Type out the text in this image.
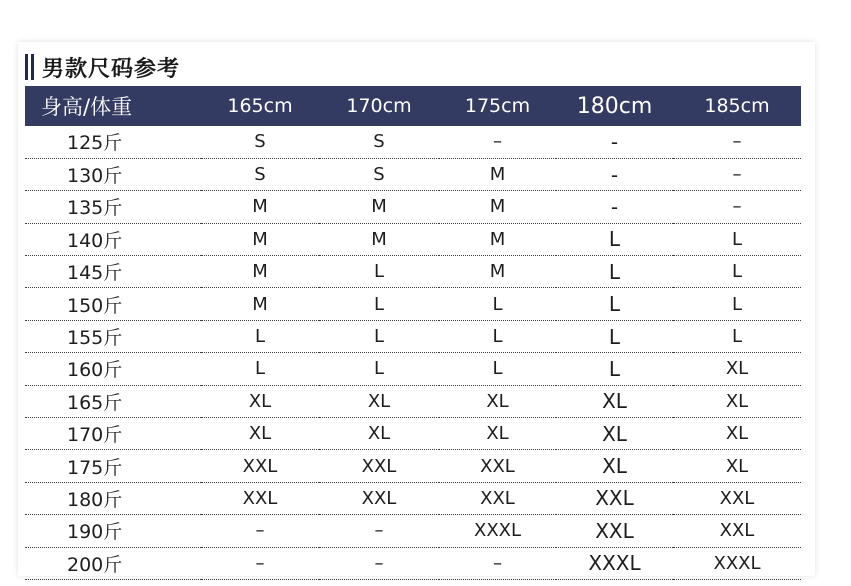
男款尺码参考
身高/体重	165cm	170cm	175cm	180cm	185cm
125斤	S	S	–	-	–
130斤	S	S	M	-	–
135斤	M	M	M	-	–
140斤	M	M	M	L	L
145斤	M	L	M	L	L
150斤	M	L	L	L	L
155斤	L	L	L	L	L
160斤	L	L	L	L	XL
165斤	XL	XL	XL	XL	XL
170斤	XL	XL	XL	XL	XL
175斤	XXL	XXL	XXL	XL	XL
180斤	XXL	XXL	XXL	XXL	XXL
190斤	–	–	XXXL	XXL	XXL
200斤	–	–	–	XXXL	XXXL
